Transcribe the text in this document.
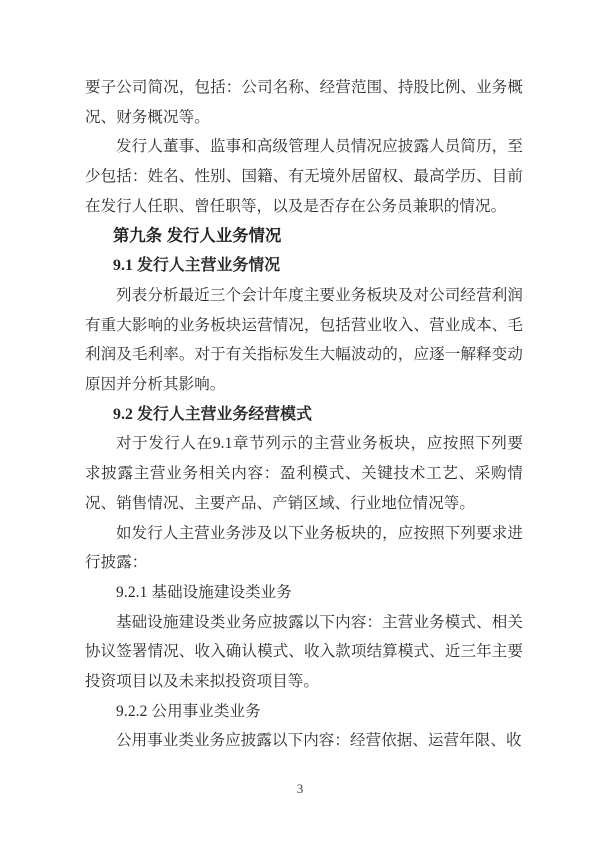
要子公司简况，包括：公司名称、经营范围、持股比例、业务概况、财务概况等。

发行人董事、监事和高级管理人员情况应披露人员简历，至少包括：姓名、性别、国籍、有无境外居留权、最高学历、目前在发行人任职、曾任职等，以及是否存在公务员兼职的情况。

第九条 发行人业务情况

9.1 发行人主营业务情况

列表分析最近三个会计年度主要业务板块及对公司经营利润有重大影响的业务板块运营情况，包括营业收入、营业成本、毛利润及毛利率。对于有关指标发生大幅波动的，应逐一解释变动原因并分析其影响。

9.2 发行人主营业务经营模式

对于发行人在9.1章节列示的主营业务板块，应按照下列要求披露主营业务相关内容：盈利模式、关键技术工艺、采购情况、销售情况、主要产品、产销区域、行业地位情况等。

如发行人主营业务涉及以下业务板块的，应按照下列要求进行披露：

9.2.1 基础设施建设类业务

基础设施建设类业务应披露以下内容：主营业务模式、相关协议签署情况、收入确认模式、收入款项结算模式、近三年主要投资项目以及未来拟投资项目等。

9.2.2 公用事业类业务

公用事业类业务应披露以下内容：经营依据、运营年限、收

3
